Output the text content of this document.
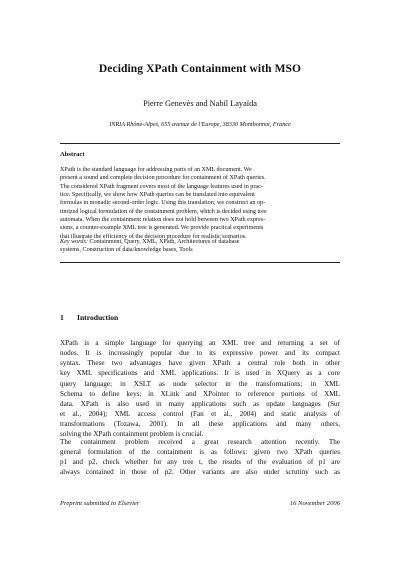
Deciding XPath Containment with MSO
Pierre Genevès and Nabil Layaïda
INRIA Rhône-Alpes, 655 avenue de l'Europe, 38330 Montbonnot, France
Abstract
XPath is the standard language for addressing parts of an XML document. We
present a sound and complete decision procedure for containment of XPath queries.
The considered XPath fragment covers most of the language features used in prac-
tice. Specifically, we show how XPath queries can be translated into equivalent
formulas in monadic second-order logic. Using this translation, we construct an op-
timized logical formulation of the containment problem, which is decided using tree
automata. When the containment relation does not hold between two XPath expres-
sions, a counter-example XML tree is generated. We provide practical experiments
that illustrate the efficiency of the decision procedure for realistic scenarios.
Key words: Containment, Query, XML, XPath, Architectures of database
systems, Construction of data/knowledge bases, Tools
1 Introduction
XPath is a simple language for querying an XML tree and returning a set of
nodes. It is increasingly popular due to its expressive power and its compact
syntax. These two advantages have given XPath a central role both in other
key XML specifications and XML applications. It is used in XQuery as a core
query language; in XSLT as node selector in the transformations; in XML
Schema to define keys; in XLink and XPointer to reference portions of XML
data. XPath is also used in many applications such as update languages (Sur
et al., 2004); XML access control (Fan et al., 2004) and static analysis of
transformations (Tozawa, 2001). In all these applications and many others,
solving the XPath containment problem is crucial.
The containment problem received a great research attention recently. The
general formulation of the containment is as follows: given two XPath queries
p1 and p2, check whether for any tree t, the results of the evaluation of p1 are
always contained in those of p2. Other variants are also under scrutiny such as
Preprint submitted to Elsevier	16 November 2006
